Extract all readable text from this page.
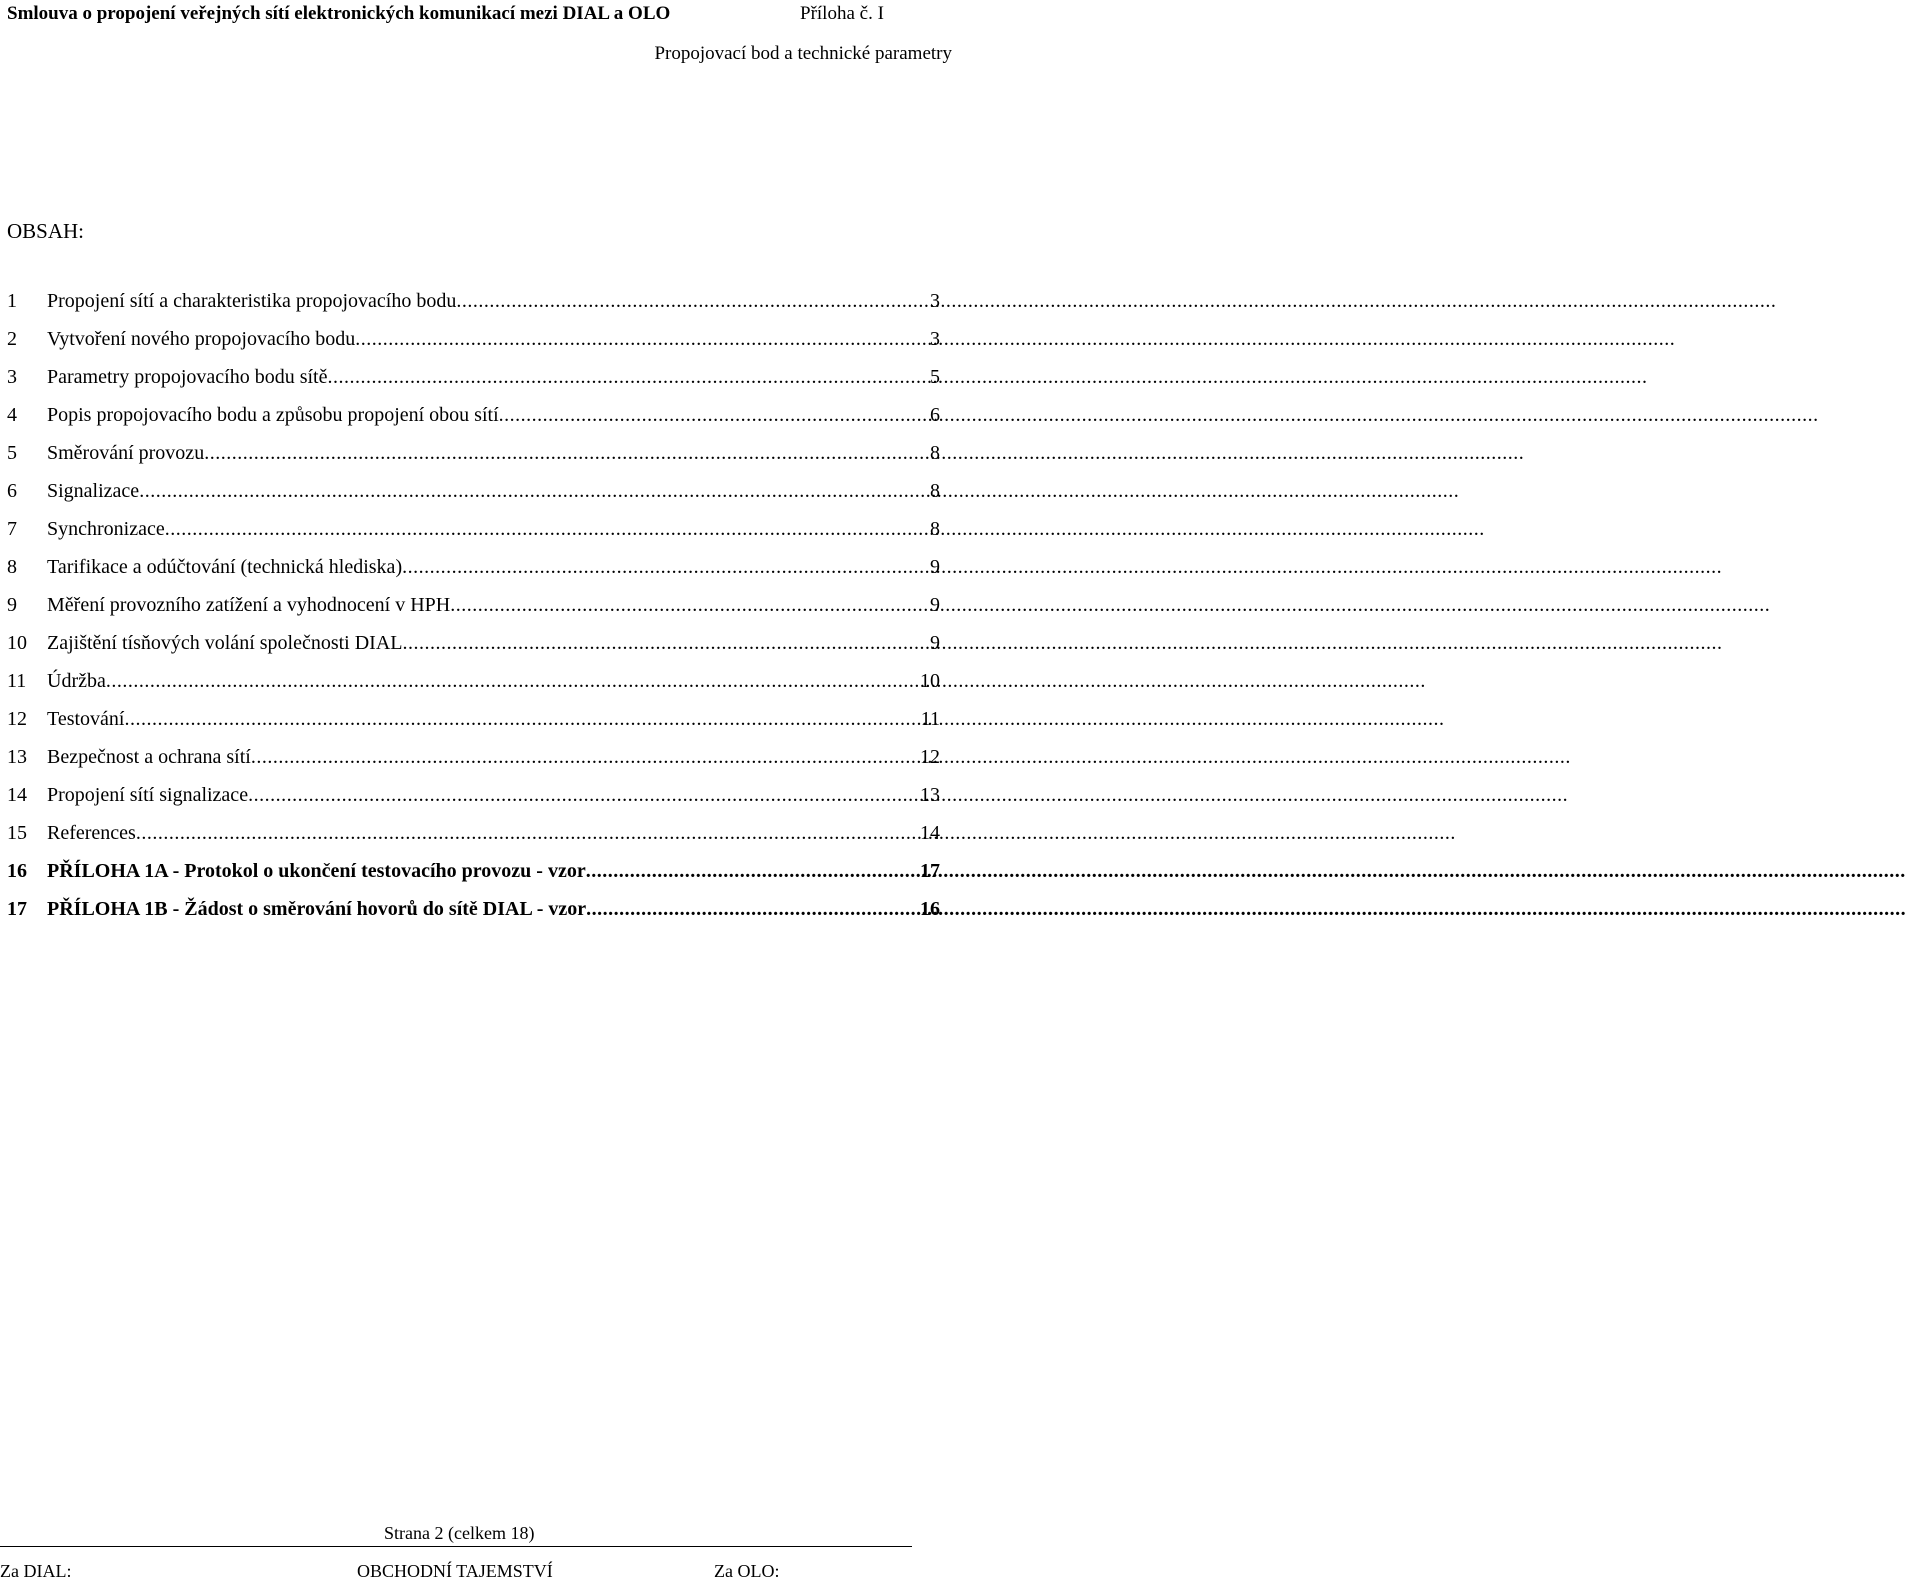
Smlouva o propojení veřejných sítí elektronických komunikací mezi DIAL a OLO	Příloha č. I
Propojovací bod a technické parametry
OBSAH:
1	Propojení sítí a charakteristika propojovacího bodu .....	3
2	Vytvoření nového propojovacího bodu .....	3
3	Parametry propojovacího bodu sítě .....	5
4	Popis propojovacího bodu a způsobu propojení obou sítí .....	6
5	Směrování provozu .....	8
6	Signalizace .....	8
7	Synchronizace .....	8
8	Tarifikace a odúčtování (technická hlediska) .....	9
9	Měření provozního zatížení a vyhodnocení v HPH .....	9
10	Zajištění tísňových volání společnosti DIAL .....	9
11	Údržba .....	10
12	Testování .....	11
13	Bezpečnost a ochrana sítí .....	12
14	Propojení sítí signalizace .....	13
15	References .....	14
16	PŘÍLOHA 1A - Protokol o ukončení testovacího provozu - vzor .....	17
17	PŘÍLOHA 1B - Žádost o směrování hovorů do sítě DIAL - vzor .....	16
Strana 2 (celkem 18)
Za DIAL:	OBCHODNÍ TAJEMSTVÍ	Za OLO:
